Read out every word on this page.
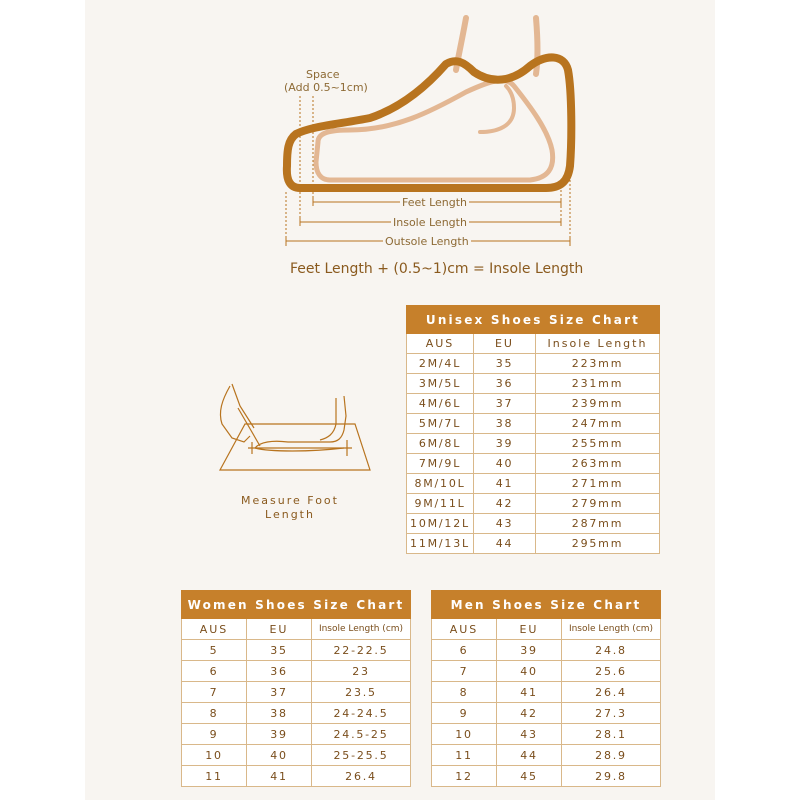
Space
(Add 0.5~1cm)
Feet Length
Insole Length
Outsole Length
Feet Length + (0.5~1)cm = Insole Length
Measure Foot
Length
Unisex Shoes Size Chart		
AUS	EU	Insole Length
2M/4L	35	223mm
3M/5L	36	231mm
4M/6L	37	239mm
5M/7L	38	247mm
6M/8L	39	255mm
7M/9L	40	263mm
8M/10L	41	271mm
9M/11L	42	279mm
10M/12L	43	287mm
11M/13L	44	295mm
Women Shoes Size Chart		
AUS	EU	Insole Length (cm)
5	35	22-22.5
6	36	23
7	37	23.5
8	38	24-24.5
9	39	24.5-25
10	40	25-25.5
11	41	26.4
Men Shoes Size Chart		
AUS	EU	Insole Length (cm)
6	39	24.8
7	40	25.6
8	41	26.4
9	42	27.3
10	43	28.1
11	44	28.9
12	45	29.8
